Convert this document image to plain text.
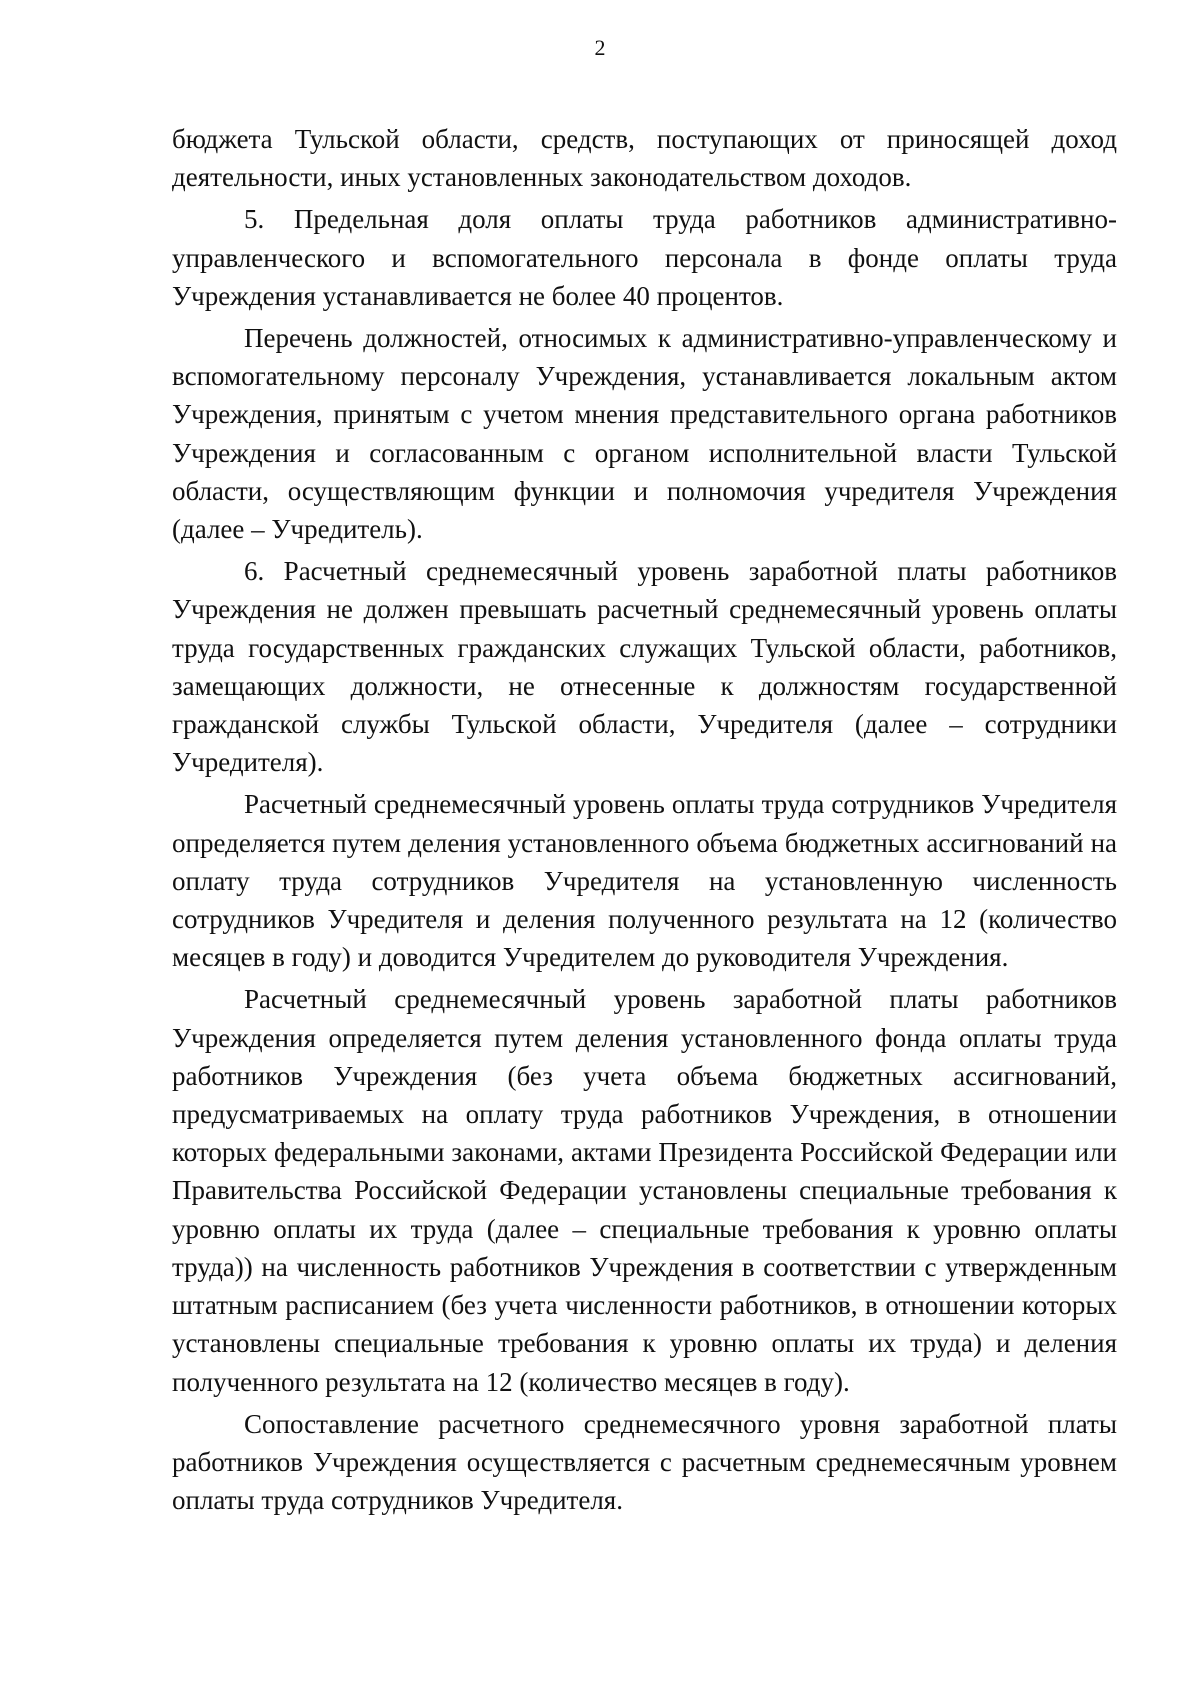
2

бюджета Тульской области, средств, поступающих от приносящей доход деятельности, иных установленных законодательством доходов.

5. Предельная доля оплаты труда работников административно-управленческого и вспомогательного персонала в фонде оплаты труда Учреждения устанавливается не более 40 процентов.

Перечень должностей, относимых к административно-управленческому и вспомогательному персоналу Учреждения, устанавливается локальным актом Учреждения, принятым с учетом мнения представительного органа работников Учреждения и согласованным с органом исполнительной власти Тульской области, осуществляющим функции и полномочия учредителя Учреждения (далее – Учредитель).

6. Расчетный среднемесячный уровень заработной платы работников Учреждения не должен превышать расчетный среднемесячный уровень оплаты труда государственных гражданских служащих Тульской области, работников, замещающих должности, не отнесенные к должностям государственной гражданской службы Тульской области, Учредителя (далее – сотрудники Учредителя).

Расчетный среднемесячный уровень оплаты труда сотрудников Учредителя определяется путем деления установленного объема бюджетных ассигнований на оплату труда сотрудников Учредителя на установленную численность сотрудников Учредителя и деления полученного результата на 12 (количество месяцев в году) и доводится Учредителем до руководителя Учреждения.

Расчетный среднемесячный уровень заработной платы работников Учреждения определяется путем деления установленного фонда оплаты труда работников Учреждения (без учета объема бюджетных ассигнований, предусматриваемых на оплату труда работников Учреждения, в отношении которых федеральными законами, актами Президента Российской Федерации или Правительства Российской Федерации установлены специальные требования к уровню оплаты их труда (далее – специальные требования к уровню оплаты труда)) на численность работников Учреждения в соответствии с утвержденным штатным расписанием (без учета численности работников, в отношении которых установлены специальные требования к уровню оплаты их труда) и деления полученного результата на 12 (количество месяцев в году).

Сопоставление расчетного среднемесячного уровня заработной платы работников Учреждения осуществляется с расчетным среднемесячным уровнем оплаты труда сотрудников Учредителя.
